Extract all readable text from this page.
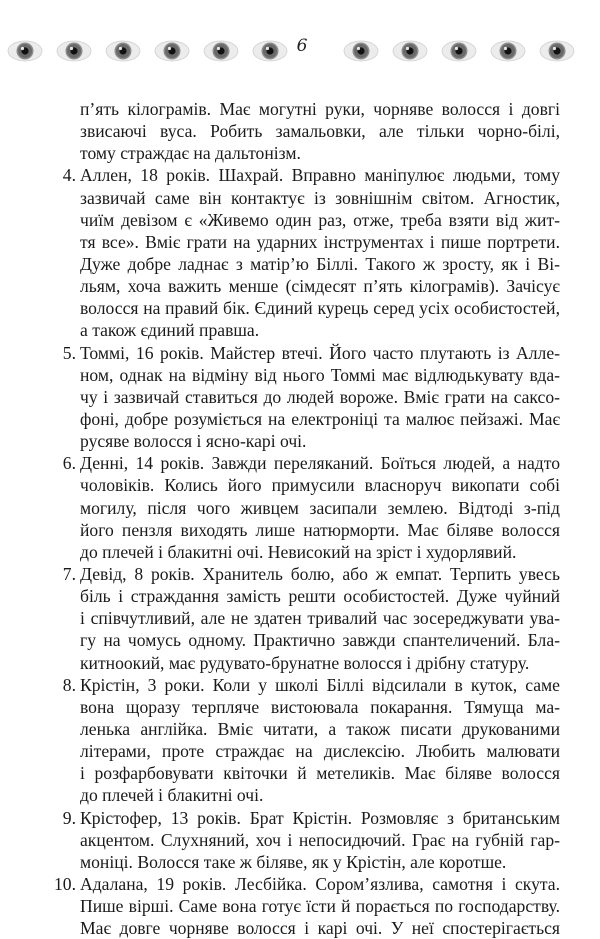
6
п’ять кілограмів. Має могутні руки, чорняве волосся і довгі
звисаючі вуса. Робить замальовки, але тільки чорно-білі,
тому страждає на дальтонізм.
4. Аллен, 18 років. Шахрай. Вправно маніпулює людьми, тому
зазвичай саме він контактує із зовнішнім світом. Агностик,
чиїм девізом є «Живемо один раз, отже, треба взяти від жит-
тя все». Вміє грати на ударних інструментах і пише портрети.
Дуже добре ладнає з матір’ю Біллі. Такого ж зросту, як і Ві-
льям, хоча важить менше (сімдесят п’ять кілограмів). Зачісує
волосся на правий бік. Єдиний курець серед усіх особистостей,
а також єдиний правша.
5. Томмі, 16 років. Майстер втечі. Його часто плутають із Алле-
ном, однак на відміну від нього Томмі має відлюдькувату вда-
чу і зазвичай ставиться до людей вороже. Вміє грати на саксо-
фоні, добре розуміється на електроніці та малює пейзажі. Має
русяве волосся і ясно-карі очі.
6. Денні, 14 років. Завжди переляканий. Боїться людей, а надто
чоловіків. Колись його примусили власноруч викопати собі
могилу, після чого живцем засипали землею. Відтоді з-під
його пензля виходять лише натюрморти. Має біляве волосся
до плечей і блакитні очі. Невисокий на зріст і худорлявий.
7. Девід, 8 років. Хранитель болю, або ж емпат. Терпить увесь
біль і страждання замість решти особистостей. Дуже чуйний
і співчутливий, але не здатен тривалий час зосереджувати ува-
гу на чомусь одному. Практично завжди спантеличений. Бла-
китноокий, має рудувато-брунатне волосся і дрібну статуру.
8. Крістін, 3 роки. Коли у школі Біллі відсилали в куток, саме
вона щоразу терпляче вистоювала покарання. Тямуща ма-
ленька англійка. Вміє читати, а також писати друкованими
літерами, проте страждає на дислексію. Любить малювати
і розфарбовувати квіточки й метеликів. Має біляве волосся
до плечей і блакитні очі.
9. Крістофер, 13 років. Брат Крістін. Розмовляє з британським
акцентом. Слухняний, хоч і непосидючий. Грає на губній гар-
моніці. Волосся таке ж біляве, як у Крістін, але коротше.
10. Адалана, 19 років. Лесбійка. Сором’язлива, самотня і скута.
Пише вірші. Саме вона готує їсти й порається по господарству.
Має довге чорняве волосся і карі очі. У неї спостерігається
